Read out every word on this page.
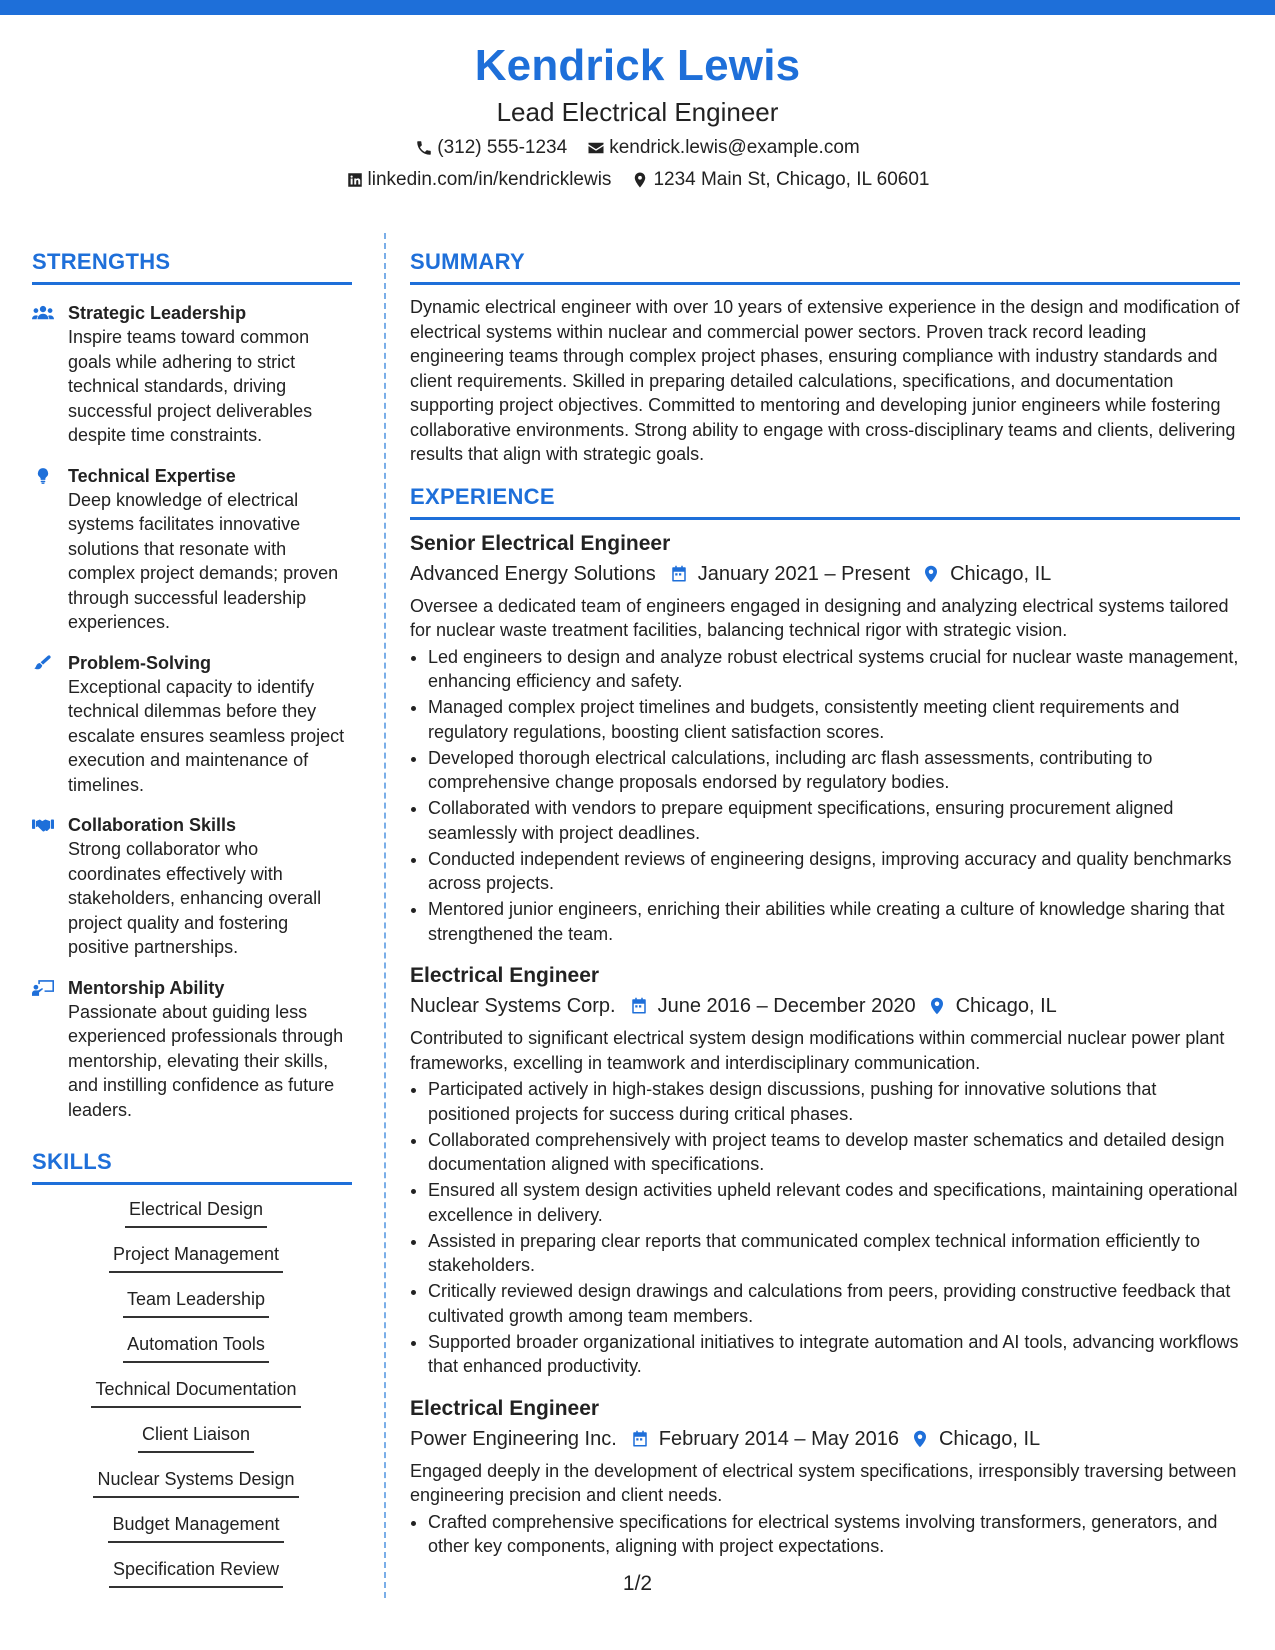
Kendrick Lewis
Lead Electrical Engineer
(312) 555-1234 kendrick.lewis@example.com
linkedin.com/in/kendricklewis 1234 Main St, Chicago, IL 60601
STRENGTHS
Strategic Leadership
Inspire teams toward common goals while adhering to strict technical standards, driving successful project deliverables despite time constraints.
Technical Expertise
Deep knowledge of electrical systems facilitates innovative solutions that resonate with complex project demands; proven through successful leadership experiences.
Problem-Solving
Exceptional capacity to identify technical dilemmas before they escalate ensures seamless project execution and maintenance of timelines.
Collaboration Skills
Strong collaborator who coordinates effectively with stakeholders, enhancing overall project quality and fostering positive partnerships.
Mentorship Ability
Passionate about guiding less experienced professionals through mentorship, elevating their skills, and instilling confidence as future leaders.
SKILLS
Electrical Design
Project Management
Team Leadership
Automation Tools
Technical Documentation
Client Liaison
Nuclear Systems Design
Budget Management
Specification Review
SUMMARY
Dynamic electrical engineer with over 10 years of extensive experience in the design and modification of electrical systems within nuclear and commercial power sectors. Proven track record leading engineering teams through complex project phases, ensuring compliance with industry standards and client requirements. Skilled in preparing detailed calculations, specifications, and documentation supporting project objectives. Committed to mentoring and developing junior engineers while fostering collaborative environments. Strong ability to engage with cross-disciplinary teams and clients, delivering results that align with strategic goals.
EXPERIENCE
Senior Electrical Engineer
Advanced Energy Solutions January 2021 – Present Chicago, IL
Oversee a dedicated team of engineers engaged in designing and analyzing electrical systems tailored for nuclear waste treatment facilities, balancing technical rigor with strategic vision.
• Led engineers to design and analyze robust electrical systems crucial for nuclear waste management, enhancing efficiency and safety.
• Managed complex project timelines and budgets, consistently meeting client requirements and regulatory regulations, boosting client satisfaction scores.
• Developed thorough electrical calculations, including arc flash assessments, contributing to comprehensive change proposals endorsed by regulatory bodies.
• Collaborated with vendors to prepare equipment specifications, ensuring procurement aligned seamlessly with project deadlines.
• Conducted independent reviews of engineering designs, improving accuracy and quality benchmarks across projects.
• Mentored junior engineers, enriching their abilities while creating a culture of knowledge sharing that strengthened the team.
Electrical Engineer
Nuclear Systems Corp. June 2016 – December 2020 Chicago, IL
Contributed to significant electrical system design modifications within commercial nuclear power plant frameworks, excelling in teamwork and interdisciplinary communication.
• Participated actively in high-stakes design discussions, pushing for innovative solutions that positioned projects for success during critical phases.
• Collaborated comprehensively with project teams to develop master schematics and detailed design documentation aligned with specifications.
• Ensured all system design activities upheld relevant codes and specifications, maintaining operational excellence in delivery.
• Assisted in preparing clear reports that communicated complex technical information efficiently to stakeholders.
• Critically reviewed design drawings and calculations from peers, providing constructive feedback that cultivated growth among team members.
• Supported broader organizational initiatives to integrate automation and AI tools, advancing workflows that enhanced productivity.
Electrical Engineer
Power Engineering Inc. February 2014 – May 2016 Chicago, IL
Engaged deeply in the development of electrical system specifications, irresponsibly traversing between engineering precision and client needs.
• Crafted comprehensive specifications for electrical systems involving transformers, generators, and other key components, aligning with project expectations.
1/2
